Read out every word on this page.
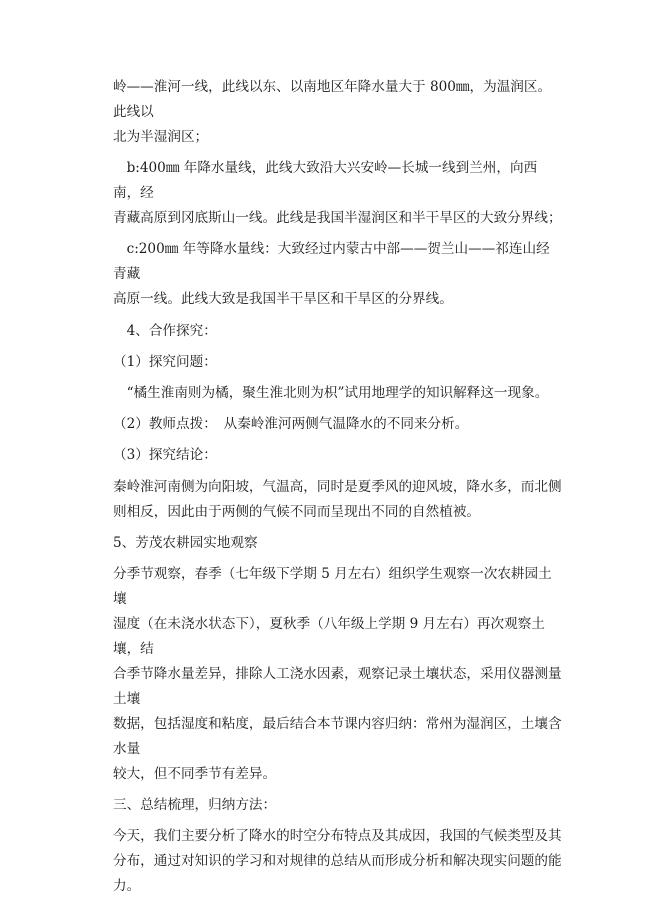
岭——淮河一线，此线以东、以南地区年降水量大于 800㎜，为温润区。此线以

北为半湿润区；

　b:400㎜ 年降水量线，此线大致沿大兴安岭—长城一线到兰州，向西南，经

青藏高原到冈底斯山一线。此线是我国半湿润区和半干旱区的大致分界线；

　c:200㎜ 年等降水量线：大致经过内蒙古中部——贺兰山——祁连山经青藏

高原一线。此线大致是我国半干旱区和干旱区的分界线。

　4、合作探究：

（1）探究问题：

　“橘生淮南则为橘，聚生淮北则为枳”试用地理学的知识解释这一现象。

（2）教师点拨：　从秦岭淮河两侧气温降水的不同来分析。

（3）探究结论：

秦岭淮河南侧为向阳坡，气温高，同时是夏季风的迎风坡，降水多，而北侧

则相反，因此由于两侧的气候不同而呈现出不同的自然植被。

5、芳茂农耕园实地观察

分季节观察，春季（七年级下学期 5 月左右）组织学生观察一次农耕园土壤

湿度（在未浇水状态下），夏秋季（八年级上学期 9 月左右）再次观察土壤，结

合季节降水量差异，排除人工浇水因素，观察记录土壤状态，采用仪器测量土壤

数据，包括湿度和粘度，最后结合本节课内容归纳：常州为湿润区，土壤含水量

较大，但不同季节有差异。

三、总结梳理，归纳方法：

今天，我们主要分析了降水的时空分布特点及其成因，我国的气候类型及其

分布，通过对知识的学习和对规律的总结从而形成分析和解决现实问题的能力。
